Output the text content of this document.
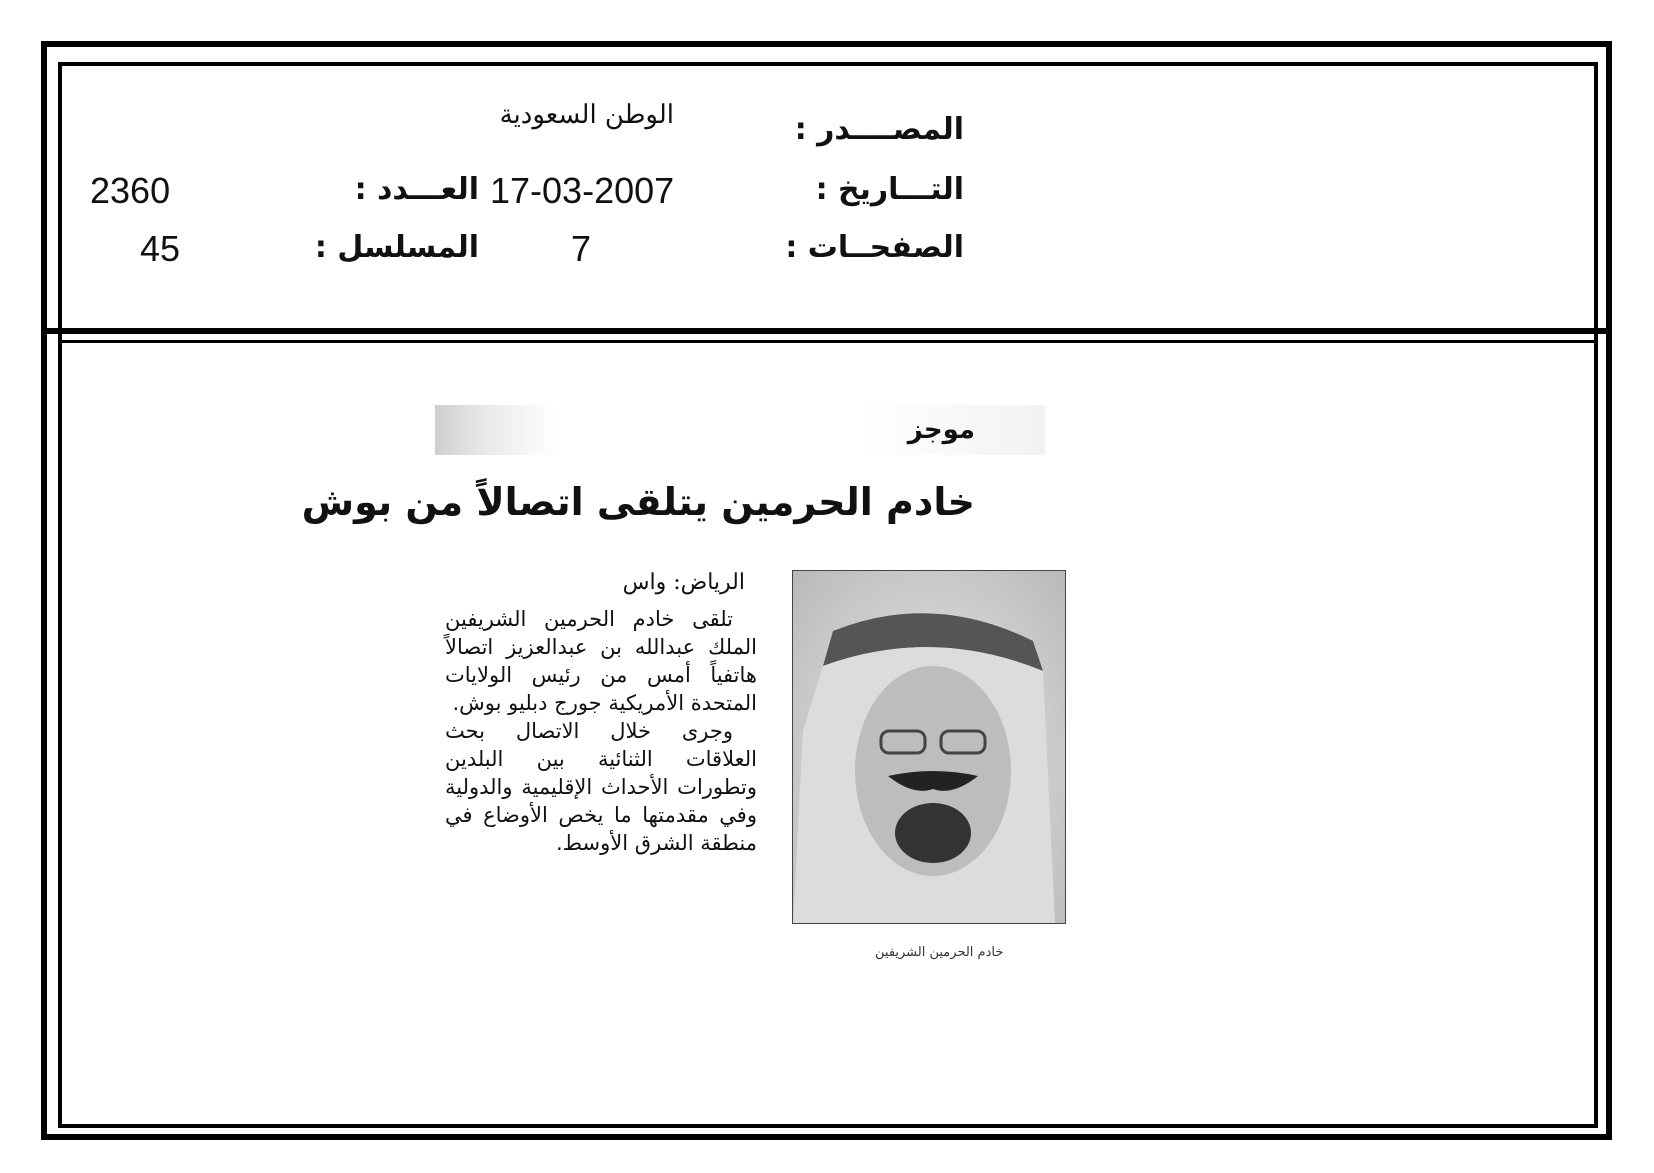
المصــــدر :
الوطن السعودية
التـــاريخ :
17-03-2007
العـــدد :
2360
الصفحــات :
7
المسلسل :
45
موجز
خادم الحرمين يتلقى اتصالاً من بوش
خادم الحرمين الشريفين
الرياض: واس

تلقى خادم الحرمين الشريفين الملك عبدالله بن عبدالعزيز اتصالاً هاتفياً أمس من رئيس الولايات المتحدة الأمريكية جورج دبليو بوش.

وجرى خلال الاتصال بحث العلاقات الثنائية بين البلدين وتطورات الأحداث الإقليمية والدولية وفي مقدمتها ما يخص الأوضاع في منطقة الشرق الأوسط.
